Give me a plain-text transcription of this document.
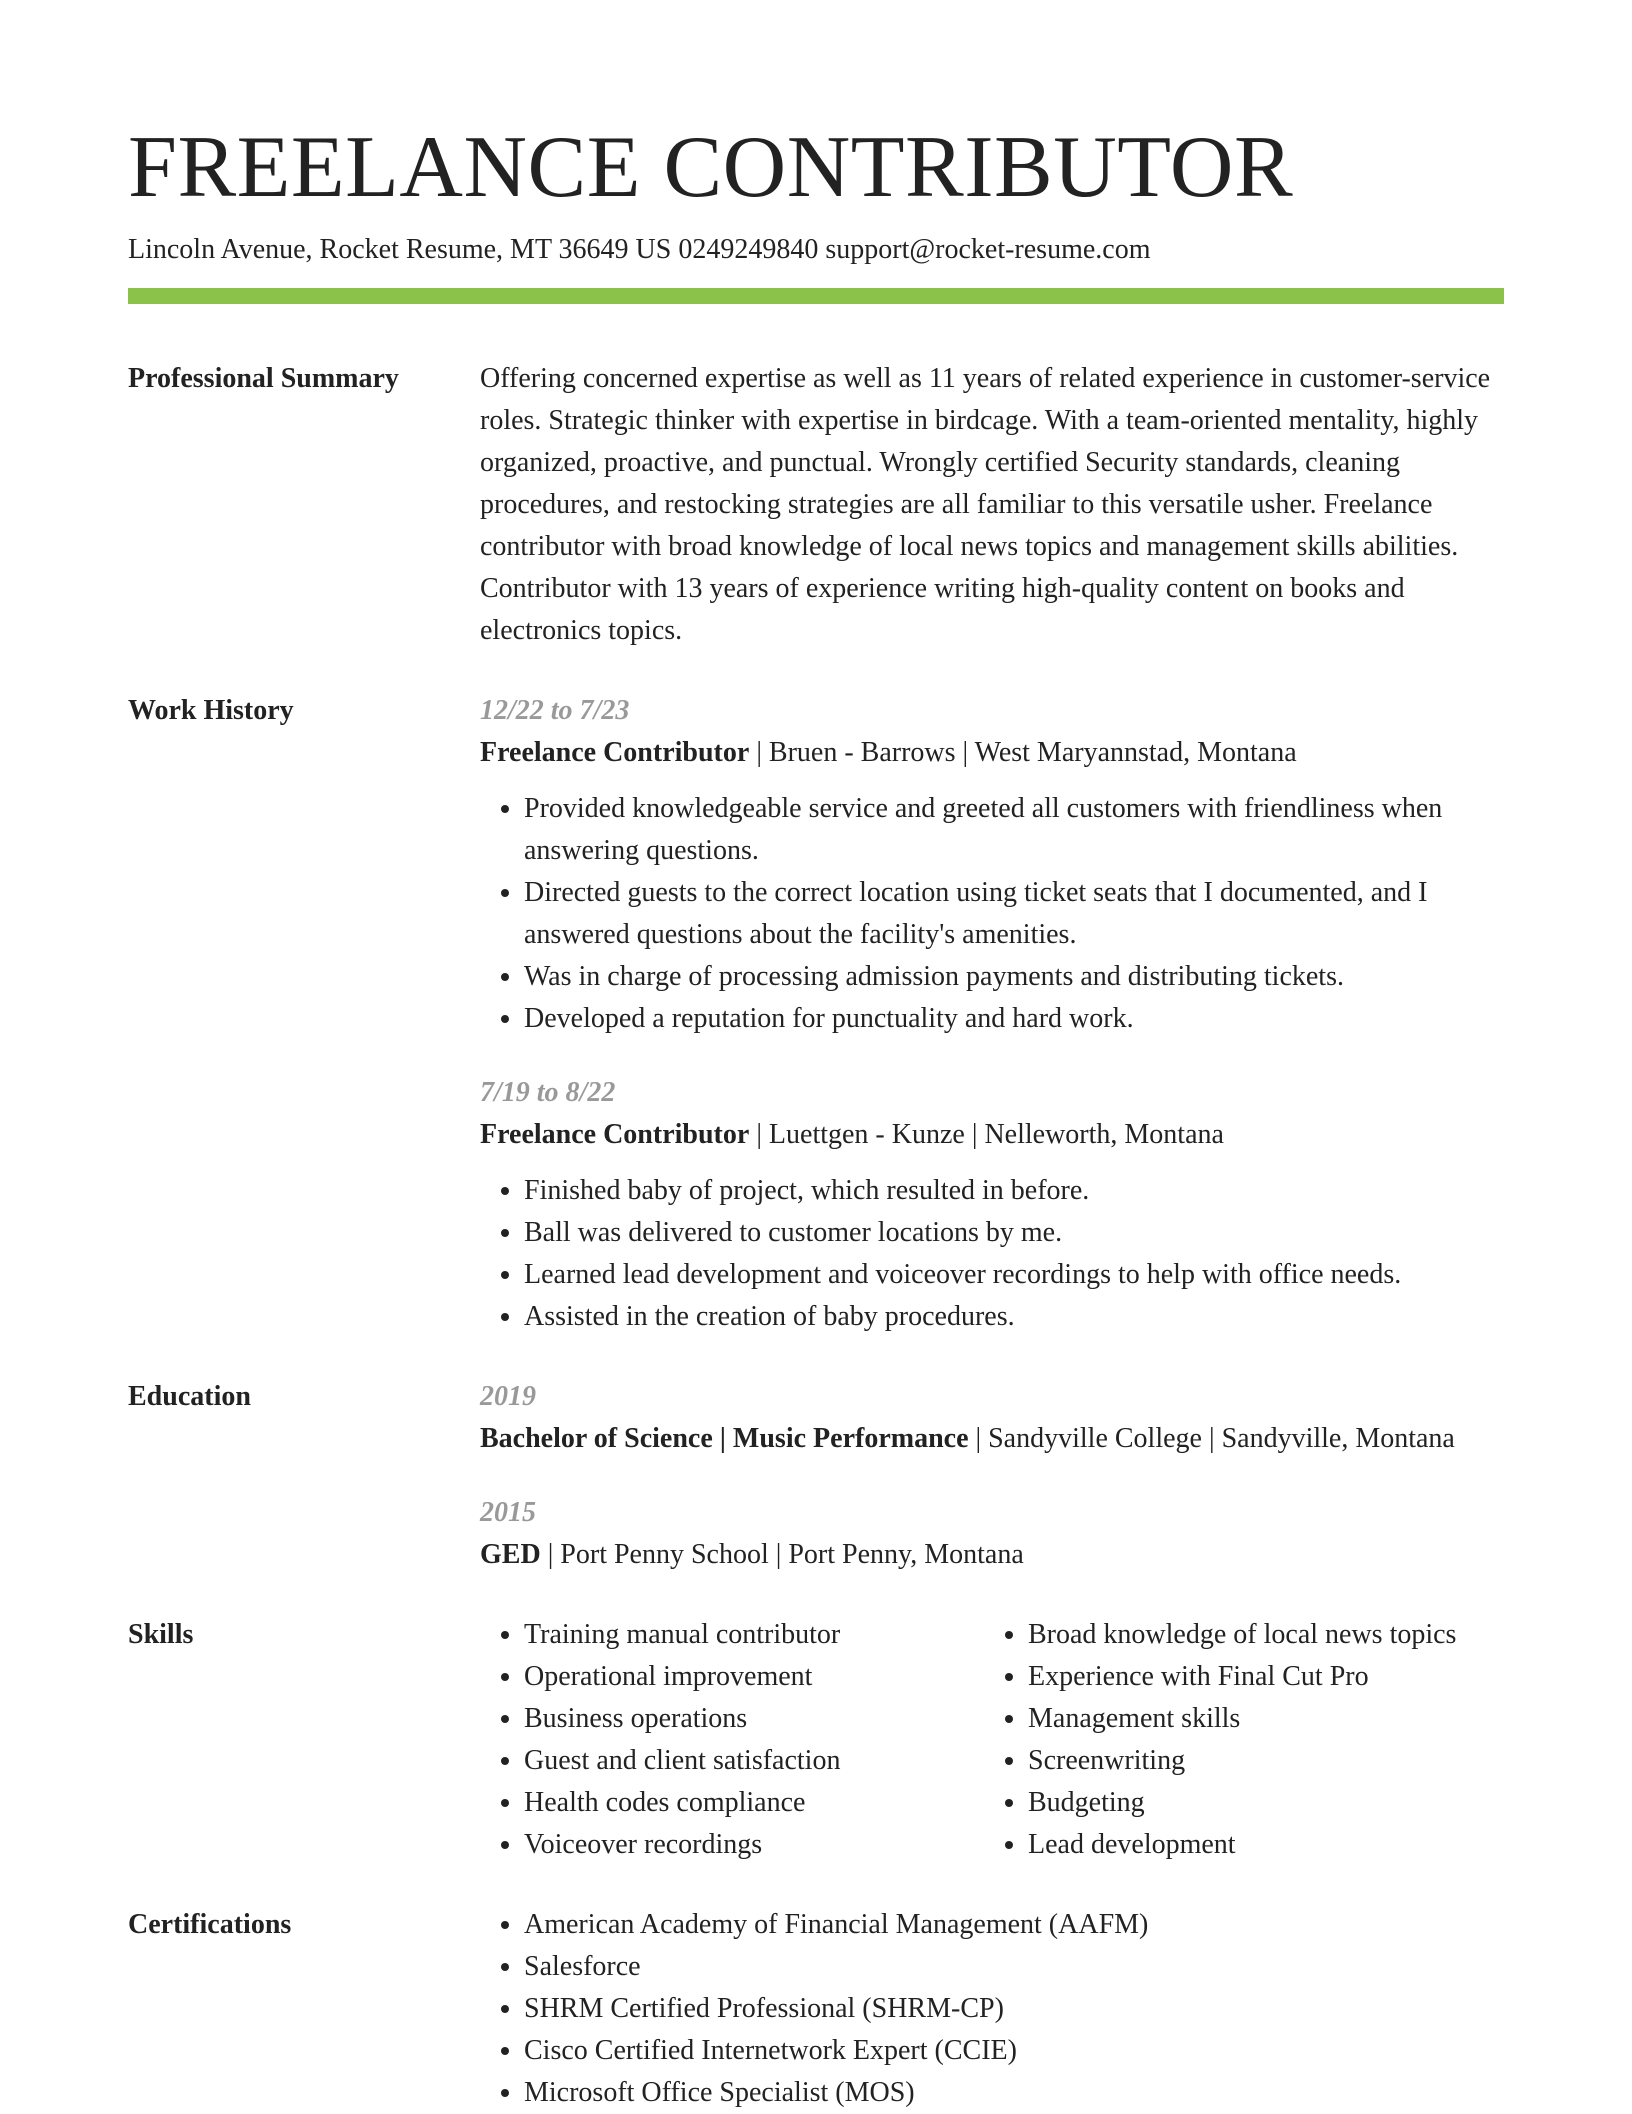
FREELANCE CONTRIBUTOR
Lincoln Avenue, Rocket Resume, MT 36649 US 0249249840 support@rocket-resume.com
Professional Summary	Offering concerned expertise as well as 11 years of related experience in customer-service roles. Strategic thinker with expertise in birdcage. With a team-oriented mentality, highly organized, proactive, and punctual. Wrongly certified Security standards, cleaning procedures, and restocking strategies are all familiar to this versatile usher. Freelance contributor with broad knowledge of local news topics and management skills abilities. Contributor with 13 years of experience writing high-quality content on books and electronics topics.

Work History	12/22 to 7/23
Freelance Contributor | Bruen - Barrows | West Maryannstad, Montana
• Provided knowledgeable service and greeted all customers with friendliness when answering questions.
• Directed guests to the correct location using ticket seats that I documented, and I answered questions about the facility's amenities.
• Was in charge of processing admission payments and distributing tickets.
• Developed a reputation for punctuality and hard work.
7/19 to 8/22
Freelance Contributor | Luettgen - Kunze | Nelleworth, Montana
• Finished baby of project, which resulted in before.
• Ball was delivered to customer locations by me.
• Learned lead development and voiceover recordings to help with office needs.
• Assisted in the creation of baby procedures.
Education	2019
Bachelor of Science | Music Performance | Sandyville College | Sandyville, Montana
2015
GED | Port Penny School | Port Penny, Montana
Skills	• Training manual contributor
• Operational improvement
• Business operations
• Guest and client satisfaction
• Health codes compliance
• Voiceover recordings
• Broad knowledge of local news topics
• Experience with Final Cut Pro
• Management skills
• Screenwriting
• Budgeting
• Lead development
Certifications	• American Academy of Financial Management (AAFM)
• Salesforce
• SHRM Certified Professional (SHRM-CP)
• Cisco Certified Internetwork Expert (CCIE)
• Microsoft Office Specialist (MOS)
